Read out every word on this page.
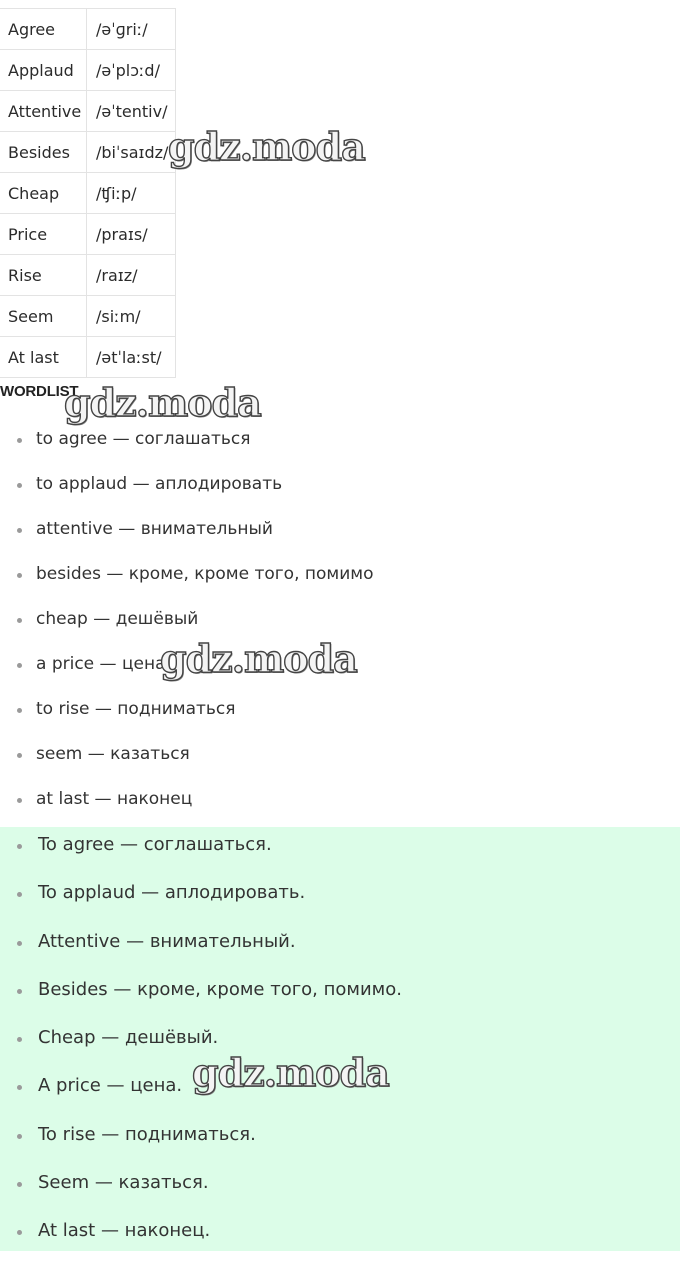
Agree	/əˈɡriː/
Applaud	/əˈplɔːd/
Attentive	/əˈtentiv/
Besides	/biˈsaɪdz/
Cheap	/ʧiːp/
Price	/praɪs/
Rise	/raɪz/
Seem	/siːm/
At last	/ətˈlaːst/
WORDLIST
to agree — соглашаться
to applaud — аплодировать
attentive — внимательный
besides — кроме, кроме того, помимо
cheap — дешёвый
a price — цена
to rise — подниматься
seem — казаться
at last — наконец
To agree — соглашаться.
To applaud — аплодировать.
Attentive — внимательный.
Besides — кроме, кроме того, помимо.
Cheap — дешёвый.
A price — цена.
To rise — подниматься.
Seem — казаться.
At last — наконец.
gdz.moda
gdz.moda
gdz.moda
gdz.moda
